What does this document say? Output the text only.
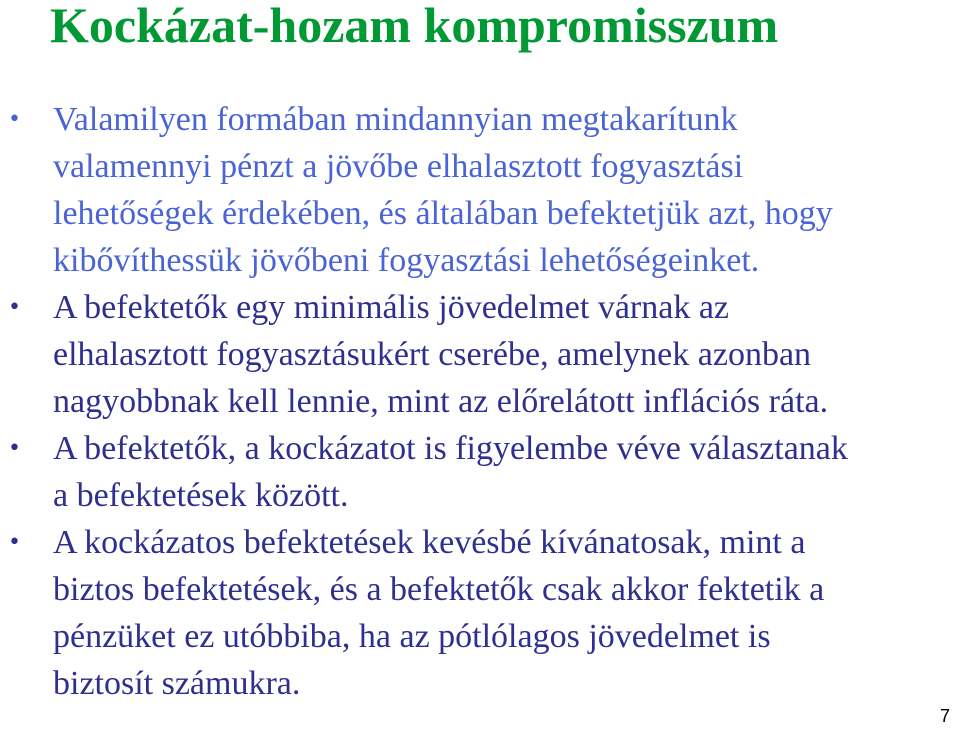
Kockázat-hozam kompromisszum
• Valamilyen formában mindannyian megtakarítunk
valamennyi pénzt a jövőbe elhalasztott fogyasztási
lehetőségek érdekében, és általában befektetjük azt, hogy
kibővíthessük jövőbeni fogyasztási lehetőségeinket.
• A befektetők egy minimális jövedelmet várnak az
elhalasztott fogyasztásukért cserébe, amelynek azonban
nagyobbnak kell lennie, mint az előrelátott inflációs ráta.
• A befektetők, a kockázatot is figyelembe véve választanak
a befektetések között.
• A kockázatos befektetések kevésbé kívánatosak, mint a
biztos befektetések, és a befektetők csak akkor fektetik a
pénzüket ez utóbbiba, ha az pótlólagos jövedelmet is
biztosít számukra.
7
